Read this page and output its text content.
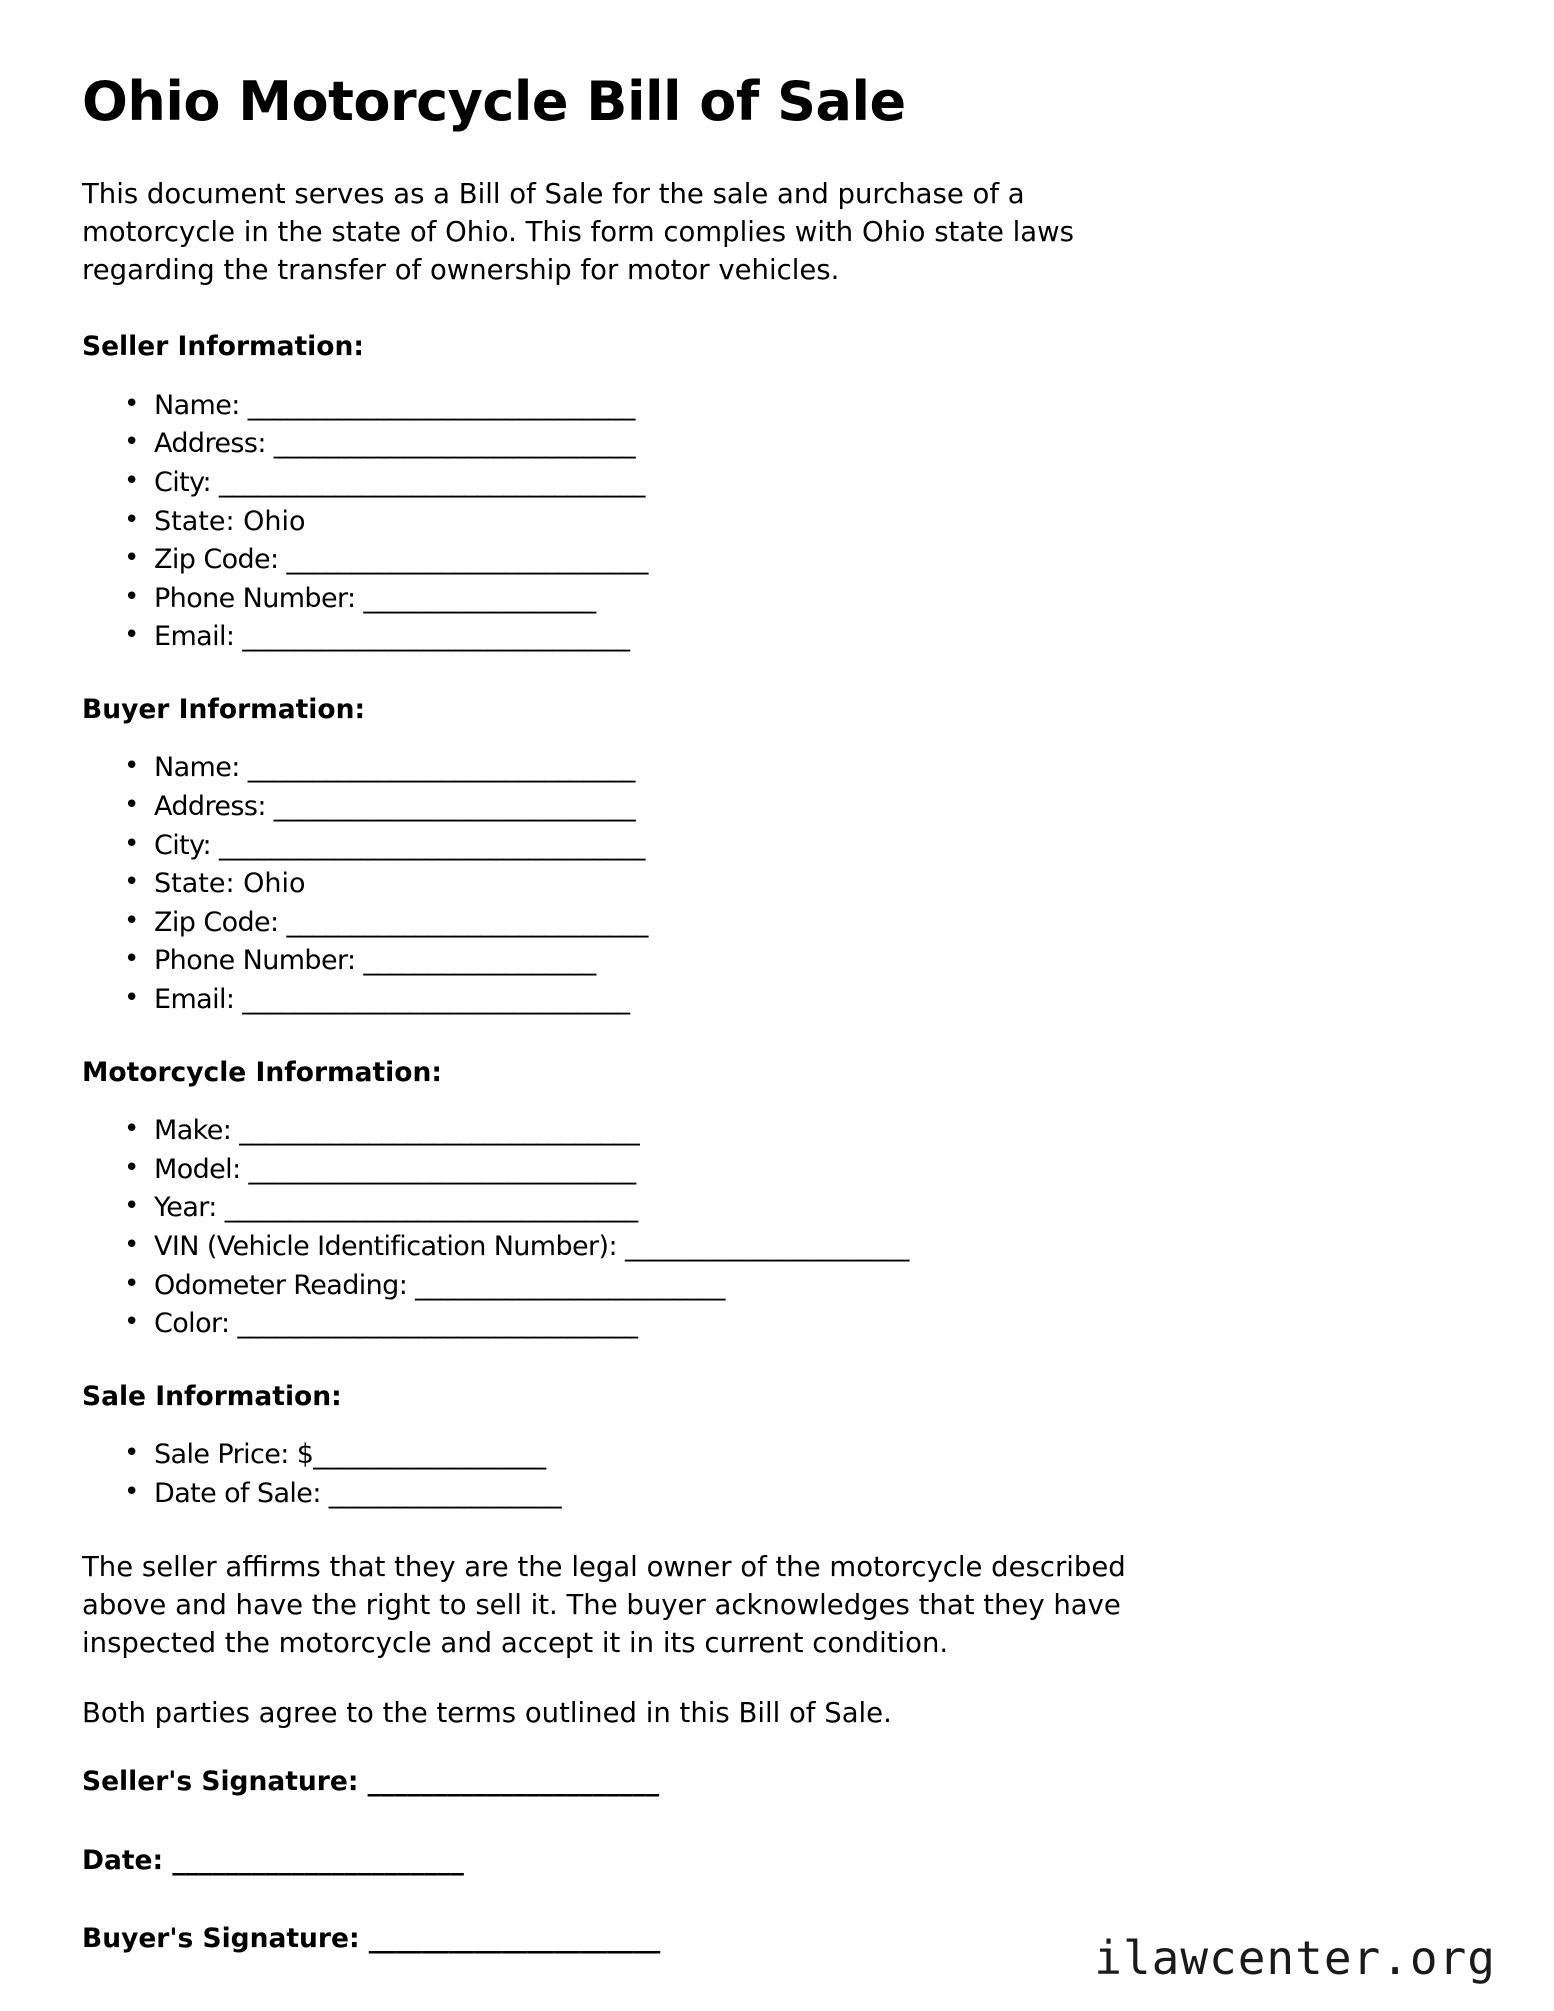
Ohio Motorcycle Bill of Sale

This document serves as a Bill of Sale for the sale and purchase of a motorcycle in the state of Ohio. This form complies with Ohio state laws regarding the transfer of ownership for motor vehicles.

Seller Information:
• Name: ______________________________
• Address: ____________________________
• City: _________________________________
• State: Ohio
• Zip Code: ____________________________
• Phone Number: __________________
• Email: ______________________________
Buyer Information:
• Name: ______________________________
• Address: ____________________________
• City: _________________________________
• State: Ohio
• Zip Code: ____________________________
• Phone Number: __________________
• Email: ______________________________
Motorcycle Information:
• Make: _______________________________
• Model: ______________________________
• Year: ________________________________
• VIN (Vehicle Identification Number): ______________________
• Odometer Reading: ________________________
• Color: _______________________________
Sale Information:
• Sale Price: $__________________
• Date of Sale: __________________

The seller affirms that they are the legal owner of the motorcycle described above and have the right to sell it. The buyer acknowledges that they have inspected the motorcycle and accept it in its current condition.

Both parties agree to the terms outlined in this Bill of Sale.

Seller's Signature: ______________________
Date: ______________________
Buyer's Signature: ______________________	ilawcenter.org
